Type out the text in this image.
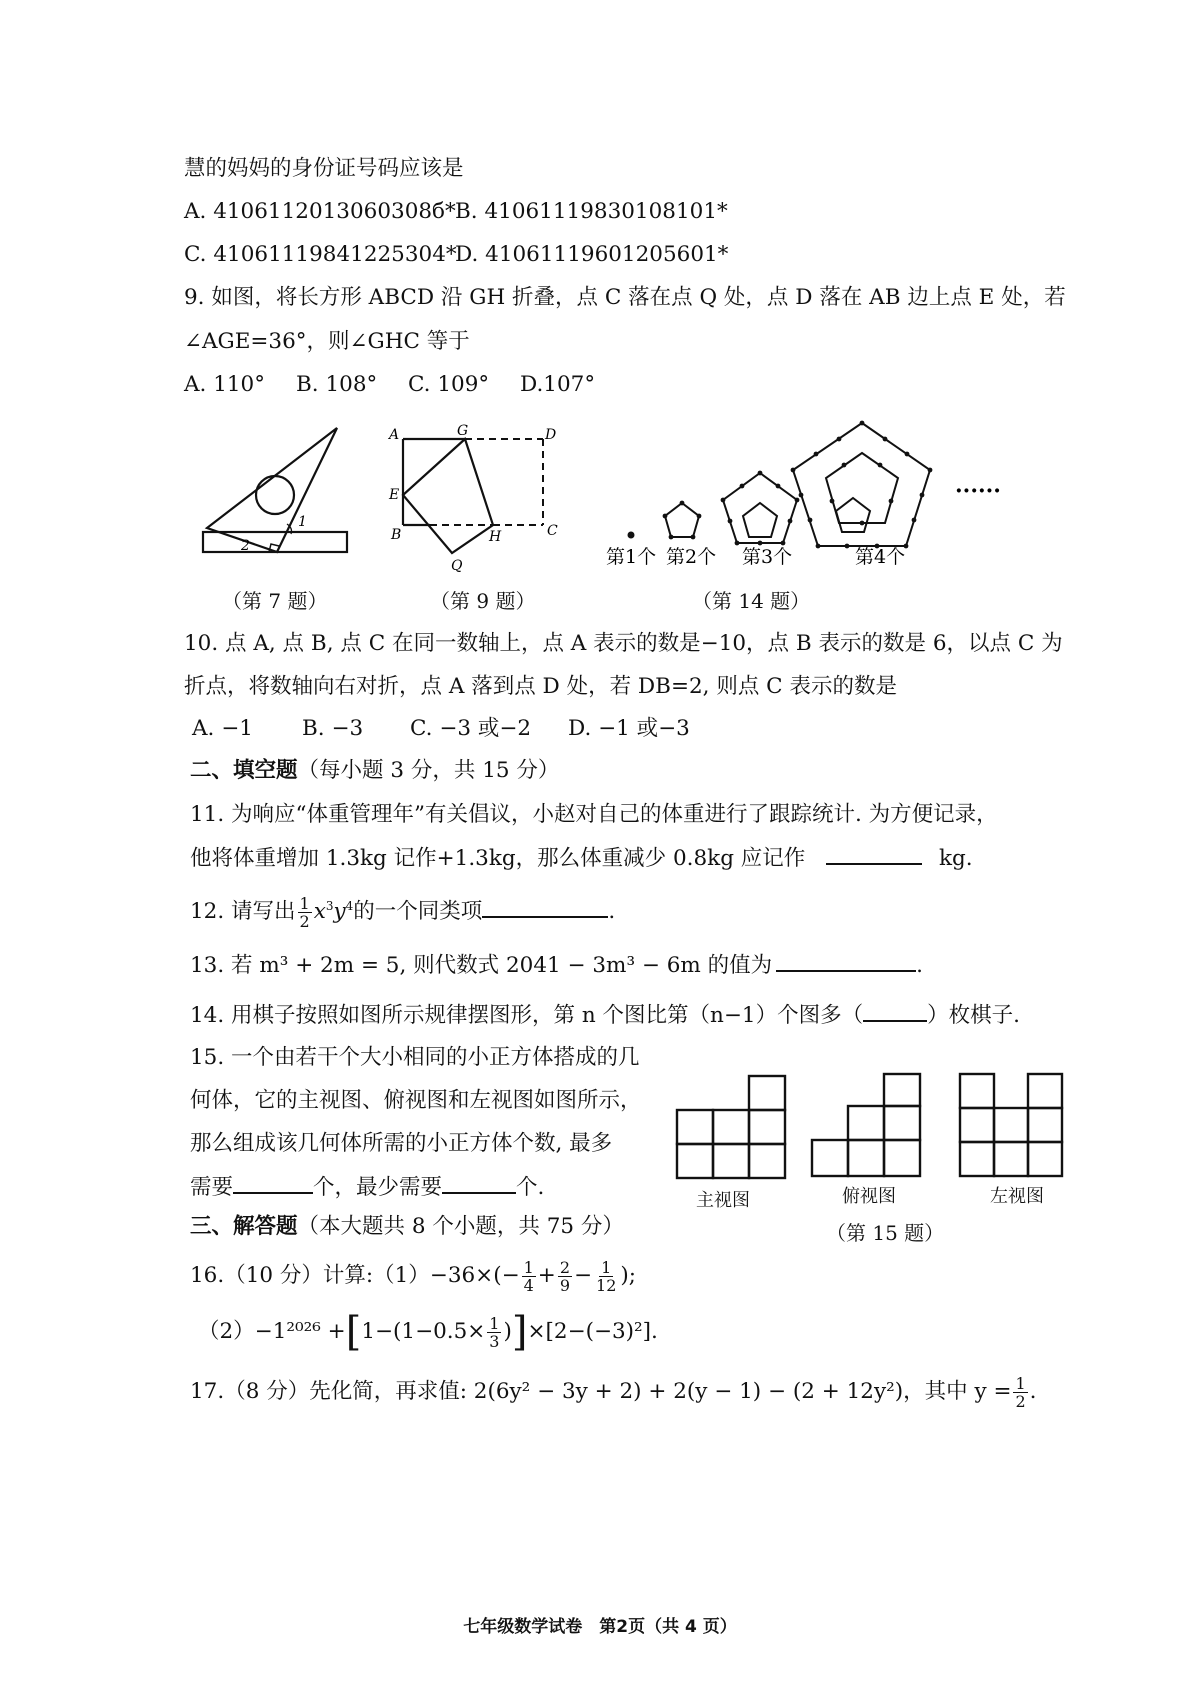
慧的妈妈的身份证号码应该是
A. 4106112013060308б* B. 41061119830108101*
C. 41061119841225304*
D. 41061119601205601*
9. 如图，将长方形 ABCD 沿 GH 折叠，点 C 落在点 Q 处，点 D 落在 AB 边上点 E 处，若
∠AGE=36°，则∠GHC 等于
A. 110° B. 108° C. 109° D.107°
1
2
（第 7 题）
A	G	D
E
B	H	C
Q
（第 9 题）
······
第1个 第2个 第3个	第4个
（第 14 题）
10. 点 A, 点 B, 点 C 在同一数轴上，点 A 表示的数是−10，点 B 表示的数是 6，以点 C 为
折点，将数轴向右对折，点 A 落到点 D 处，若 DB=2, 则点 C 表示的数是
A. −1 B. −3 C. −3 或−2 D. −1 或−3
二、填空题（每小题 3 分，共 15 分）
11. 为响应“体重管理年”有关倡议，小赵对自己的体重进行了跟踪统计. 为方便记录，
他将体重增加 1.3kg 记作+1.3kg，那么体重减少 0.8kg 应记作	kg.
12. 请写出 $\frac{1}{2} x^3y^4$的一个同类项	.
13. 若 m³ + 2m = 5, 则代数式 2041 − 3m³ − 6m 的值为	.
14. 用棋子按照如图所示规律摆图形，第 n 个图比第（n−1）个图多（	）枚棋子.
15. 一个由若干个大小相同的小正方体搭成的几
何体，它的主视图、俯视图和左视图如图所示，
那么组成该几何体所需的小正方体个数, 最多
需要	个，最少需要	个.
主视图	俯视图	左视图
（第 15 题）
三、解答题（本大题共 8 个小题，共 75 分）
16.（10 分）计算:（1）−36×(− $\frac{1}{4} + \frac{2}{9} - \frac{1}{12}$ );
$(2)-1^{2026} +[1-(1-0.5\times \frac{1}{3} )]\times[2-(-3)^2]$.
17.（8 分）先化简，再求值: 2(6y² − 3y + 2) + 2(y − 1) − (2 + 12y²)，其中 $y = \frac{1}{2}$ .
七年级数学试卷　第2页（共 4 页）
